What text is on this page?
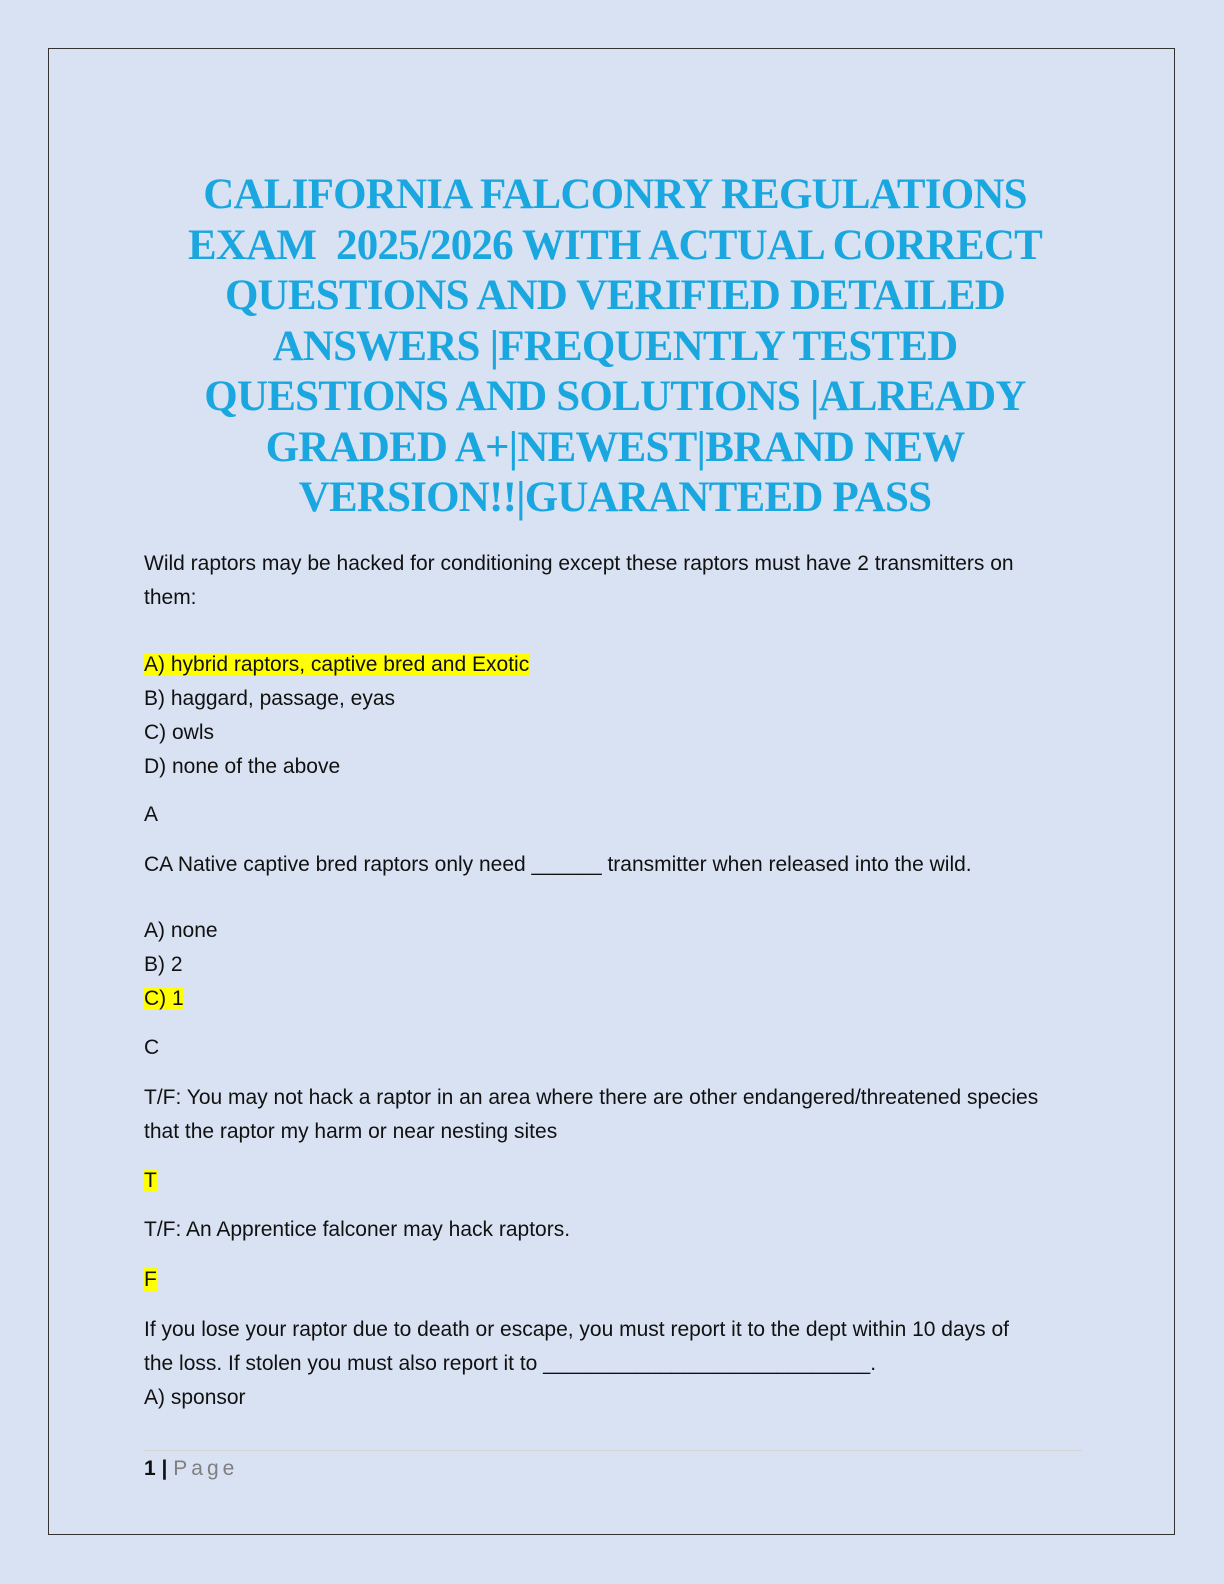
CALIFORNIA FALCONRY REGULATIONS
EXAM  2025/2026 WITH ACTUAL CORRECT
QUESTIONS AND VERIFIED DETAILED
ANSWERS |FREQUENTLY TESTED
QUESTIONS AND SOLUTIONS |ALREADY
GRADED A+|NEWEST|BRAND NEW
VERSION!!|GUARANTEED PASS

Wild raptors may be hacked for conditioning except these raptors must have 2 transmitters on
them:

A) hybrid raptors, captive bred and Exotic
B) haggard, passage, eyas
C) owls
D) none of the above

A

CA Native captive bred raptors only need ______ transmitter when released into the wild.

A) none
B) 2
C) 1

C

T/F: You may not hack a raptor in an area where there are other endangered/threatened species
that the raptor my harm or near nesting sites

T

T/F: An Apprentice falconer may hack raptors.

F

If you lose your raptor due to death or escape, you must report it to the dept within 10 days of
the loss. If stolen you must also report it to ____________________________.
A) sponsor

1 | Page
